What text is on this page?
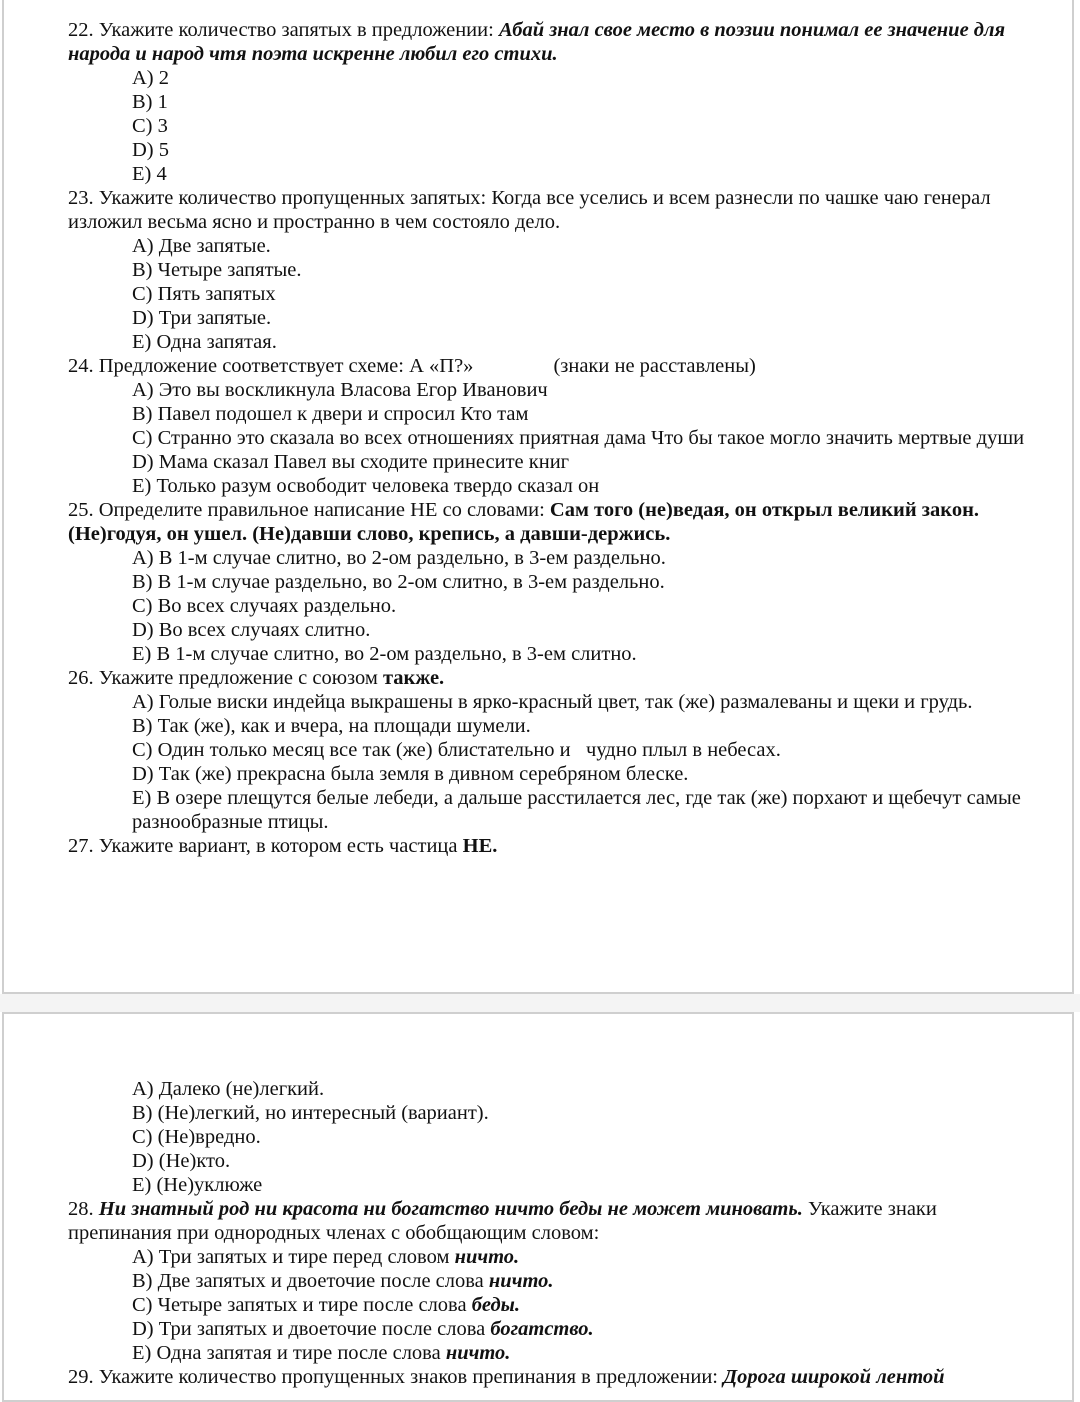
22. Укажите количество запятых в предложении: Абай знал свое место в поэзии понимал ее значение для народа и народ чтя поэта искренне любил его стихи.

A) 2

B) 1

C) 3

D) 5

E) 4

23. Укажите количество пропущенных запятых: Когда все уселись и всем разнесли по чашке чаю генерал изложил весьма ясно и пространно в чем состояло дело.

A) Две запятые.

B) Четыре запятые.

C) Пять запятых

D) Три запятые.

E) Одна запятая.

24. Предложение соответствует схеме: А «П?»	(знаки не расставлены)

A) Это вы воскликнула Власова Егор Иванович

B) Павел подошел к двери и спросил Кто там

C) Странно это сказала во всех отношениях приятная дама Что бы такое могло значить мертвые души

D) Мама сказал Павел вы сходите принесите книг

E) Только разум освободит человека твердо сказал он

25. Определите правильное написание НЕ со словами: Сам того (не)ведая, он открыл великий закон. (Не)годуя, он ушел. (Не)давши слово, крепись, а давши-держись.

A) В 1-м случае слитно, во 2-ом раздельно, в 3-ем раздельно.

B) В 1-м случае раздельно, во 2-ом слитно, в 3-ем раздельно.

C) Во всех случаях раздельно.

D) Во всех случаях слитно.

E) В 1-м случае слитно, во 2-ом раздельно, в 3-ем слитно.

26. Укажите предложение с союзом также.

A) Голые виски индейца выкрашены в ярко-красный цвет, так (же) размалеваны и щеки и грудь.

B) Так (же), как и вчера, на площади шумели.

C) Один только месяц все так (же) блистательно и   чудно плыл в небесах.

D) Так (же) прекрасна была земля в дивном серебряном блеске.

E) В озере плещутся белые лебеди, а дальше расстилается лес, где так (же) порхают и щебечут самые разнообразные птицы.

27. Укажите вариант, в котором есть частица НЕ.

A) Далеко (не)легкий.

B) (Не)легкий, но интересный (вариант).

C) (Не)вредно.

D) (Не)кто.

E) (Не)уклюже

28. Ни знатный род ни красота ни богатство ничто беды не может миновать. Укажите знаки препинания при однородных членах с обобщающим словом:

A) Три запятых и тире перед словом ничто.

B) Две запятых и двоеточие после слова ничто.

C) Четыре запятых и тире после слова беды.

D) Три запятых и двоеточие после слова богатство.

E) Одна запятая и тире после слова ничто.

29. Укажите количество пропущенных знаков препинания в предложении: Дорога широкой лентой
